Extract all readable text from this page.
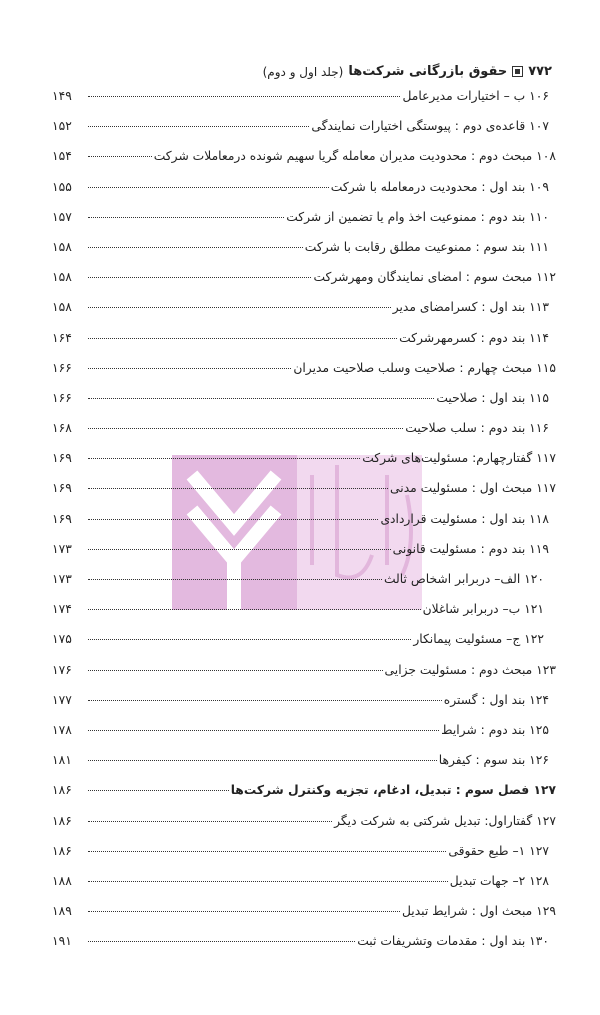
۷۷۲
حقوق بازرگانی شرکت‌ها
(جلد اول و دوم)
۱۰۶ ب – اختیارات مدیرعامل
۱۴۹
۱۰۷ قاعده‌ی دوم : پیوستگی اختیارات نمایندگی
۱۵۲
۱۰۸ مبحث دوم : محدودیت مدیران معامله گریا سهیم شونده درمعاملات شرکت
۱۵۴
۱۰۹ بند اول : محدودیت درمعامله با شرکت
۱۵۵
۱۱۰ بند دوم : ممنوعیت اخذ وام یا تضمین از شرکت
۱۵۷
۱۱۱ بند سوم : ممنوعیت مطلق رقابت با شرکت
۱۵۸
۱۱۲ مبحث سوم : امضای نمایندگان ومهرشرکت
۱۵۸
۱۱۳ بند اول : کسرامضای مدیر
۱۵۸
۱۱۴ بند دوم : کسرمهرشرکت
۱۶۴
۱۱۵ مبحث چهارم : صلاحیت وسلب صلاحیت مدیران
۱۶۶
۱۱۵ بند اول : صلاحیت
۱۶۶
۱۱۶ بند دوم : سلب صلاحیت
۱۶۸
۱۱۷ گفتارچهارم: مسئولیت‌های شرکت
۱۶۹
۱۱۷ مبحث اول : مسئولیت مدنی
۱۶۹
۱۱۸ بند اول : مسئولیت قراردادی
۱۶۹
۱۱۹ بند دوم : مسئولیت قانونی
۱۷۳
۱۲۰ الف– دربرابر اشخاص ثالث
۱۷۳
۱۲۱ ب– دربرابر شاغلان
۱۷۴
۱۲۲ ج– مسئولیت پیمانکار
۱۷۵
۱۲۳ مبحث دوم : مسئولیت جزایی
۱۷۶
۱۲۴ بند اول : گستره
۱۷۷
۱۲۵ بند دوم : شرایط
۱۷۸
۱۲۶ بند سوم : کیفرها
۱۸۱
۱۲۷ فصل سوم : تبدیل، ادغام، تجزیه وکنترل شرکت‌ها
۱۸۶
۱۲۷ گفتاراول: تبدیل شرکتی به شرکت دیگر
۱۸۶
۱۲۷ ۱– طبع حقوقی
۱۸۶
۱۲۸ ۲– جهات تبدیل
۱۸۸
۱۲۹ مبحث اول : شرایط تبدیل
۱۸۹
۱۳۰ بند اول : مقدمات وتشریفات ثبت
۱۹۱
